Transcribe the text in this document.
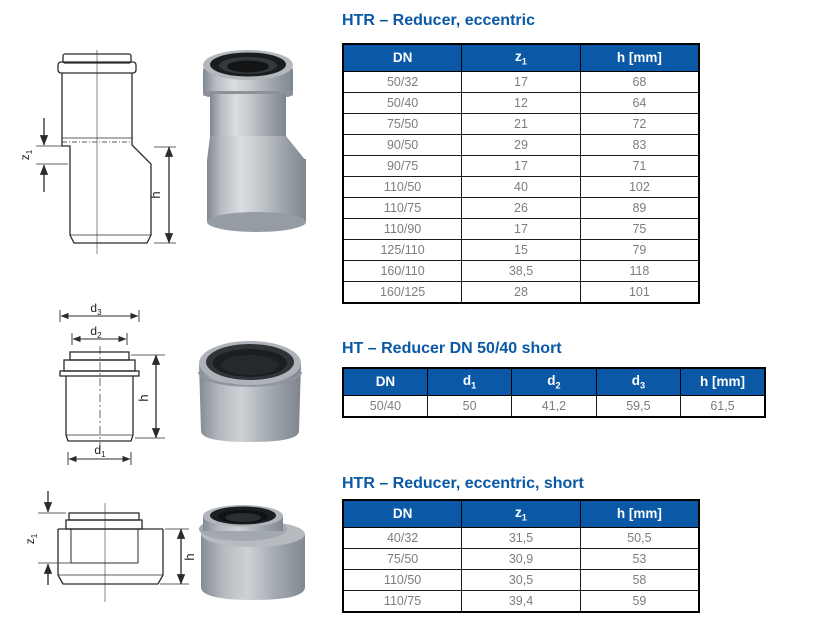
$z_1$
h
HTR – Reducer, eccentric
DN	$z_1$	h [mm]
50/32	17	68
50/40	12	64
75/50	21	72
90/50	29	83
90/75	17	71
110/50	40	102
110/75	26	89
110/90	17	75
125/110	15	79
160/110	38,5	118
160/125	28	101
$d_3$
$d_2$
h
$d_1$
HT – Reducer DN 50/40 short
DN	$d_1$	$d_2$	$d_3$	h [mm]
50/40	50	41,2	59,5	61,5
$z_1$
h
HTR – Reducer, eccentric, short
DN	$z_1$	h [mm]
40/32	31,5	50,5
75/50	30,9	53
110/50	30,5	58
110/75	39,4	59
